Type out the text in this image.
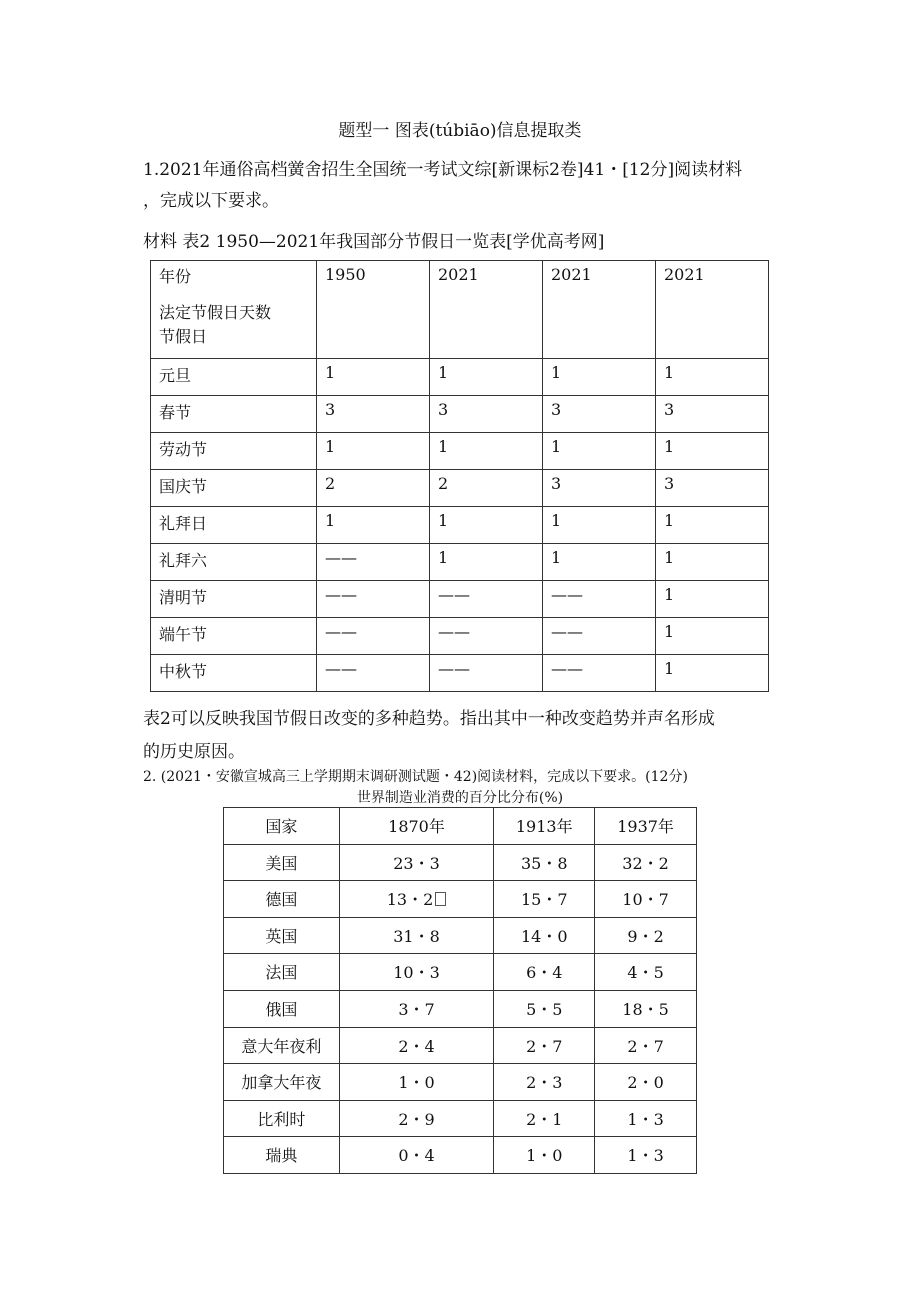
题型一 图表(túbiāo)信息提取类
1.2021年通俗高档黉舍招生全国统一考试文综[新课标2卷]41・[12分]阅读材料
，完成以下要求。
材料 表2 1950—2021年我国部分节假日一览表[学优高考网]
年份
法定节假日天数
节假日	1950	2021	2021	2021
元旦	1	1	1	1
春节	3	3	3	3
劳动节	1	1	1	1
国庆节	2	2	3	3
礼拜日	1	1	1	1
礼拜六	——	1	1	1
清明节	——	——	——	1
端午节	——	——	——	1
中秋节	——	——	——	1
表2可以反映我国节假日改变的多种趋势。指出其中一种改变趋势并声名形成
的历史原因。
2. (2021・安徽宣城高三上学期期末调研测试题・42)阅读材料，完成以下要求。(12分)
世界制造业消费的百分比分布(%)
国家	1870年	1913年	1937年
美国	23・3	35・8	32・2
德国	13・2	15・7	10・7
英国	31・8	14・0	9・2
法国	10・3	6・4	4・5
俄国	3・7	5・5	18・5
意大年夜利	2・4	2・7	2・7
加拿大年夜	1・0	2・3	2・0
比利时	2・9	2・1	1・3
瑞典	0・4	1・0	1・3
